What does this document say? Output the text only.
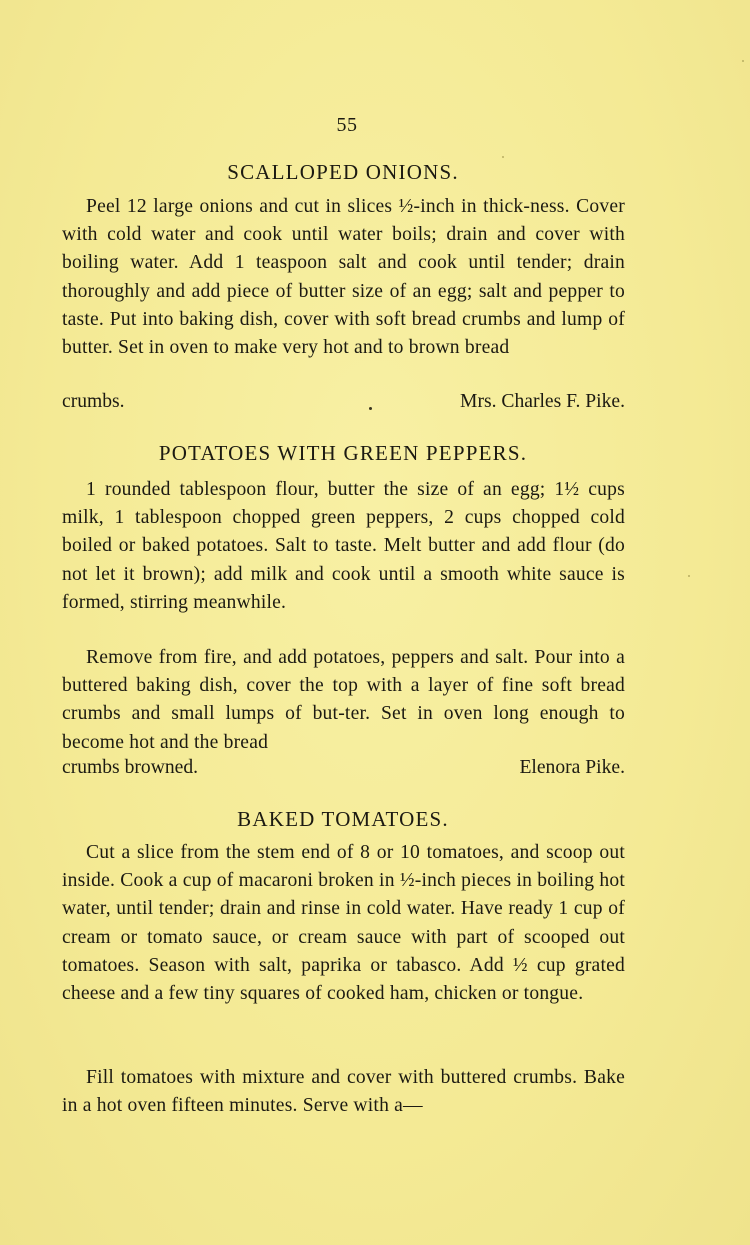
55
SCALLOPED ONIONS.

Peel 12 large onions and cut in slices ½-inch in thick-ness. Cover with cold water and cook until water boils; drain and cover with boiling water. Add 1 teaspoon salt and cook until tender; drain thoroughly and add piece of butter size of an egg; salt and pepper to taste. Put into baking dish, cover with soft bread crumbs and lump of butter. Set in oven to make very hot and to brown bread

crumbs.	Mrs. Charles F. Pike.
POTATOES WITH GREEN PEPPERS.

1 rounded tablespoon flour, butter the size of an egg; 1½ cups milk, 1 tablespoon chopped green peppers, 2 cups chopped cold boiled or baked potatoes. Salt to taste. Melt butter and add flour (do not let it brown); add milk and cook until a smooth white sauce is formed, stirring meanwhile.

Remove from fire, and add potatoes, peppers and salt. Pour into a buttered baking dish, cover the top with a layer of fine soft bread crumbs and small lumps of but-ter. Set in oven long enough to become hot and the bread

crumbs browned.	Elenora Pike.
BAKED TOMATOES.

Cut a slice from the stem end of 8 or 10 tomatoes, and scoop out inside. Cook a cup of macaroni broken in ½-inch pieces in boiling hot water, until tender; drain and rinse in cold water. Have ready 1 cup of cream or tomato sauce, or cream sauce with part of scooped out tomatoes. Season with salt, paprika or tabasco. Add ½ cup grated cheese and a few tiny squares of cooked ham, chicken or tongue.

Fill tomatoes with mixture and cover with buttered crumbs. Bake in a hot oven fifteen minutes. Serve with a—
